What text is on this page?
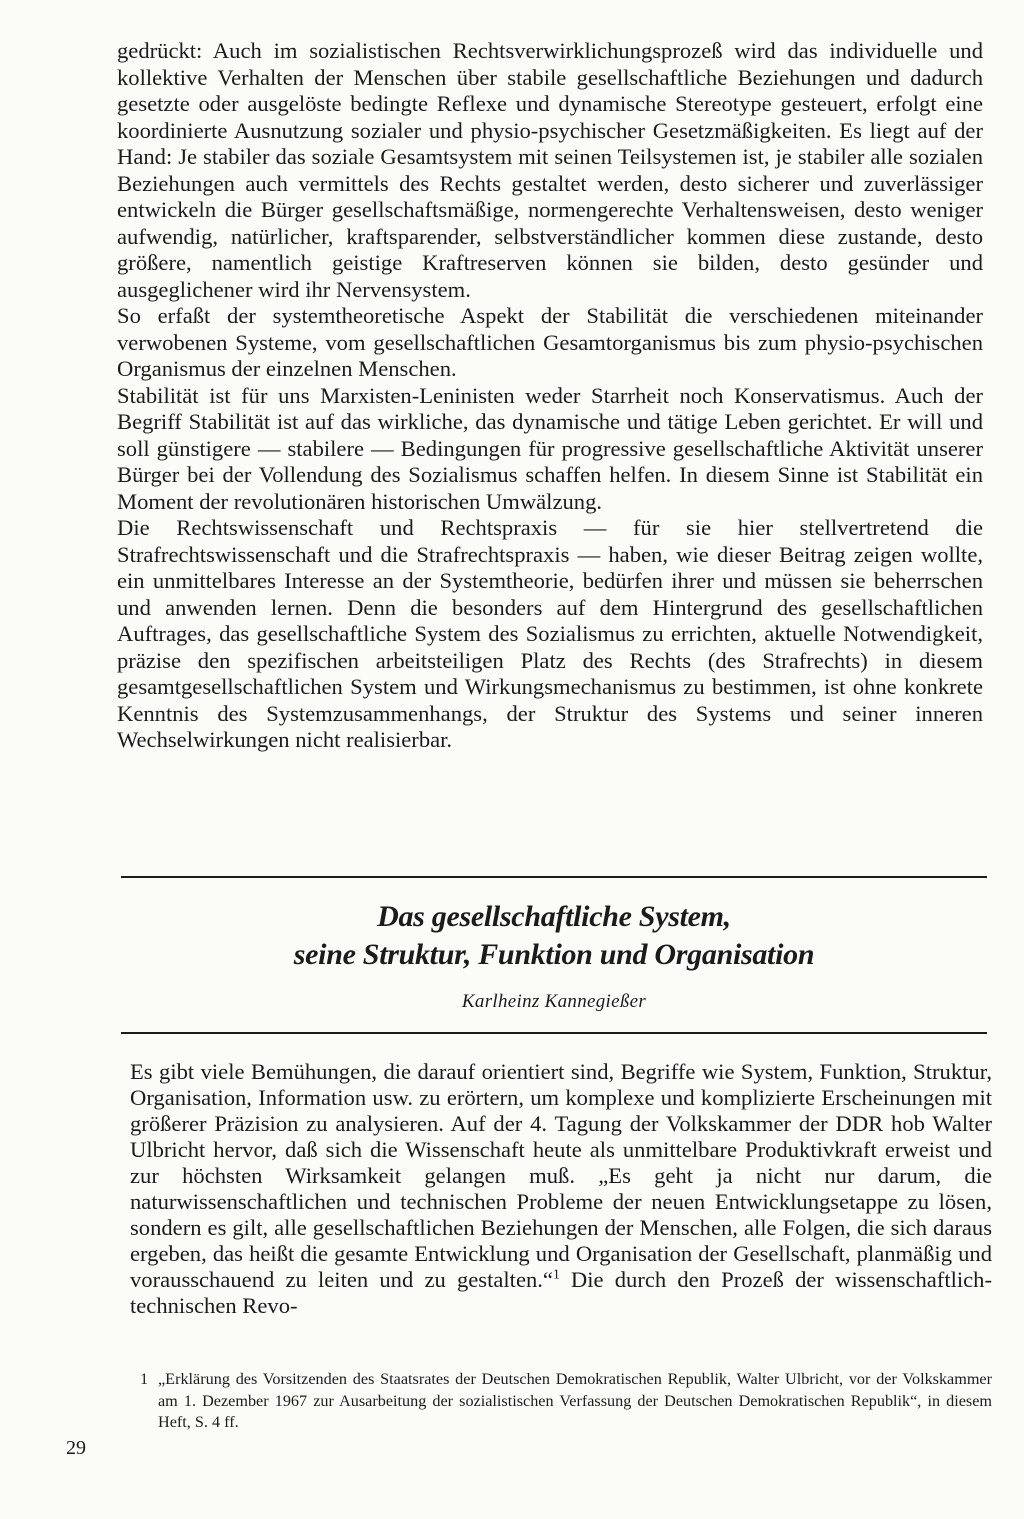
gedrückt: Auch im sozialistischen Rechtsverwirklichungsprozeß wird das individuelle und kollektive Verhalten der Menschen über stabile gesellschaftliche Beziehungen und dadurch gesetzte oder ausgelöste bedingte Reflexe und dynamische Stereotype gesteuert, erfolgt eine koordinierte Ausnutzung sozialer und physio-psychischer Gesetzmäßigkeiten. Es liegt auf der Hand: Je stabiler das soziale Gesamtsystem mit seinen Teilsystemen ist, je stabiler alle sozialen Beziehungen auch vermittels des Rechts gestaltet werden, desto sicherer und zuverlässiger entwickeln die Bürger gesellschaftsmäßige, normengerechte Verhaltensweisen, desto weniger aufwendig, natürlicher, kraftsparender, selbstverständlicher kommen diese zustande, desto größere, namentlich geistige Kraftreserven können sie bilden, desto gesünder und ausgeglichener wird ihr Nervensystem.

So erfaßt der systemtheoretische Aspekt der Stabilität die verschiedenen miteinander verwobenen Systeme, vom gesellschaftlichen Gesamtorganismus bis zum physio-psychischen Organismus der einzelnen Menschen.

Stabilität ist für uns Marxisten-Leninisten weder Starrheit noch Konservatismus. Auch der Begriff Stabilität ist auf das wirkliche, das dynamische und tätige Leben gerichtet. Er will und soll günstigere — stabilere — Bedingungen für progressive gesellschaftliche Aktivität unserer Bürger bei der Vollendung des Sozialismus schaffen helfen. In diesem Sinne ist Stabilität ein Moment der revolutionären historischen Umwälzung.

Die Rechtswissenschaft und Rechtspraxis — für sie hier stellvertretend die Strafrechtswissenschaft und die Strafrechtspraxis — haben, wie dieser Beitrag zeigen wollte, ein unmittelbares Interesse an der Systemtheorie, bedürfen ihrer und müssen sie beherrschen und anwenden lernen. Denn die besonders auf dem Hintergrund des gesellschaftlichen Auftrages, das gesellschaftliche System des Sozialismus zu errichten, aktuelle Notwendigkeit, präzise den spezifischen arbeitsteiligen Platz des Rechts (des Strafrechts) in diesem gesamtgesellschaftlichen System und Wirkungsmechanismus zu bestimmen, ist ohne konkrete Kenntnis des Systemzusammenhangs, der Struktur des Systems und seiner inneren Wechselwirkungen nicht realisierbar.

Das gesellschaftliche System,
seine Struktur, Funktion und Organisation
Karlheinz Kannegießer

Es gibt viele Bemühungen, die darauf orientiert sind, Begriffe wie System, Funktion, Struktur, Organisation, Information usw. zu erörtern, um komplexe und komplizierte Erscheinungen mit größerer Präzision zu analysieren. Auf der 4. Tagung der Volkskammer der DDR hob Walter Ulbricht hervor, daß sich die Wissenschaft heute als unmittelbare Produktivkraft erweist und zur höchsten Wirksamkeit gelangen muß. „Es geht ja nicht nur darum, die naturwissenschaftlichen und technischen Probleme der neuen Entwicklungsetappe zu lösen, sondern es gilt, alle gesellschaftlichen Beziehungen der Menschen, alle Folgen, die sich daraus ergeben, das heißt die gesamte Entwicklung und Organisation der Gesellschaft, planmäßig und vorausschauend zu leiten und zu gestalten.“$^1$ Die durch den Prozeß der wissenschaftlich-technischen Revo-

1 „Erklärung des Vorsitzenden des Staatsrates der Deutschen Demokratischen Republik, Walter Ulbricht, vor der Volkskammer am 1. Dezember 1967 zur Ausarbeitung der sozialistischen Verfassung der Deutschen Demokratischen Republik“, in diesem Heft, S. 4 ff.
29
